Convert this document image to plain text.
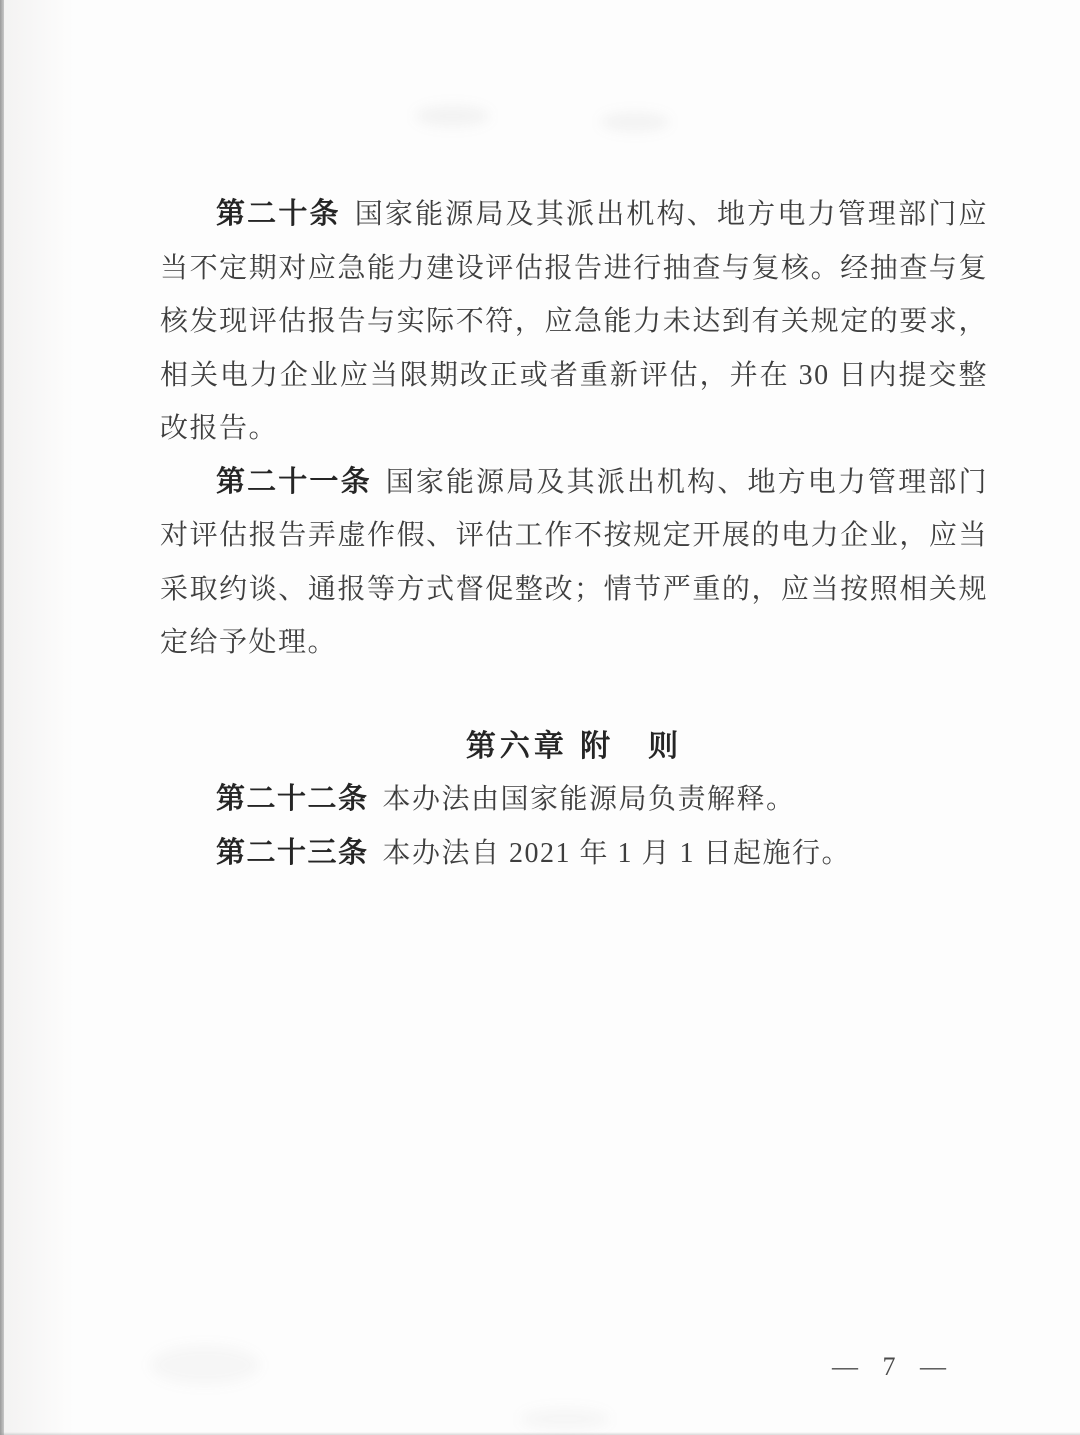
第二十条 国家能源局及其派出机构、地方电力管理部门应当不定期对应急能力建设评估报告进行抽查与复核。经抽查与复核发现评估报告与实际不符，应急能力未达到有关规定的要求，相关电力企业应当限期改正或者重新评估，并在 30 日内提交整改报告。

第二十一条 国家能源局及其派出机构、地方电力管理部门对评估报告弄虚作假、评估工作不按规定开展的电力企业，应当采取约谈、通报等方式督促整改；情节严重的，应当按照相关规定给予处理。

第六章 附　则

第二十二条 本办法由国家能源局负责解释。

第二十三条 本办法自 2021 年 1 月 1 日起施行。

— 7 —
